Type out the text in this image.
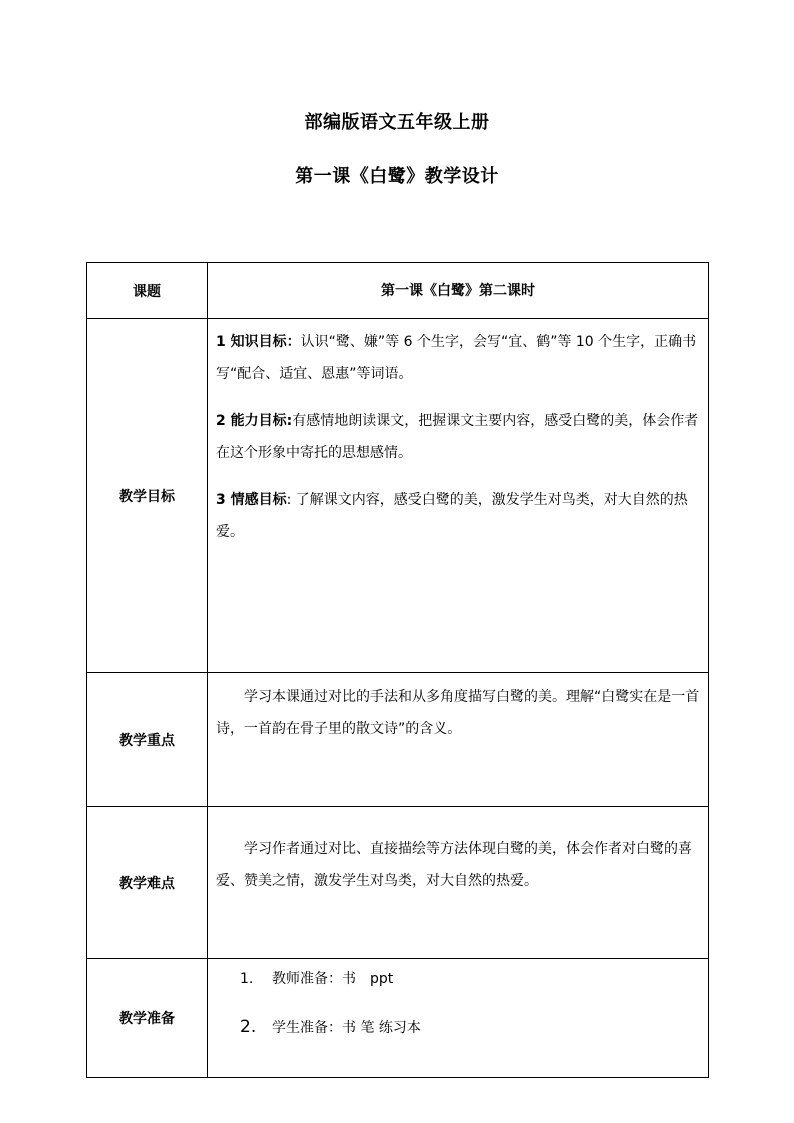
部编版语文五年级上册
第一课《白鹭》教学设计
课题	第一课《白鹭》第二课时
教学目标	1 知识目标：认识“鹭、嫌”等 6 个生字，会写“宜、鹤”等 10 个生字，正确书写“配合、适宜、恩惠”等词语。

2 能力目标:有感情地朗读课文，把握课文主要内容，感受白鹭的美，体会作者在这个形象中寄托的思想感情。

3 情感目标: 了解课文内容，感受白鹭的美，激发学生对鸟类，对大自然的热爱。

教学重点	学习本课通过对比的手法和从多角度描写白鹭的美。理解“白鹭实在是一首诗，一首韵在骨子里的散文诗”的含义。

教学难点	学习作者通过对比、直接描绘等方法体现白鹭的美，体会作者对白鹭的喜爱、赞美之情，激发学生对鸟类，对大自然的热爱。

教学准备	1. 教师准备：书　ppt
2. 学生准备：书 笔 练习本
